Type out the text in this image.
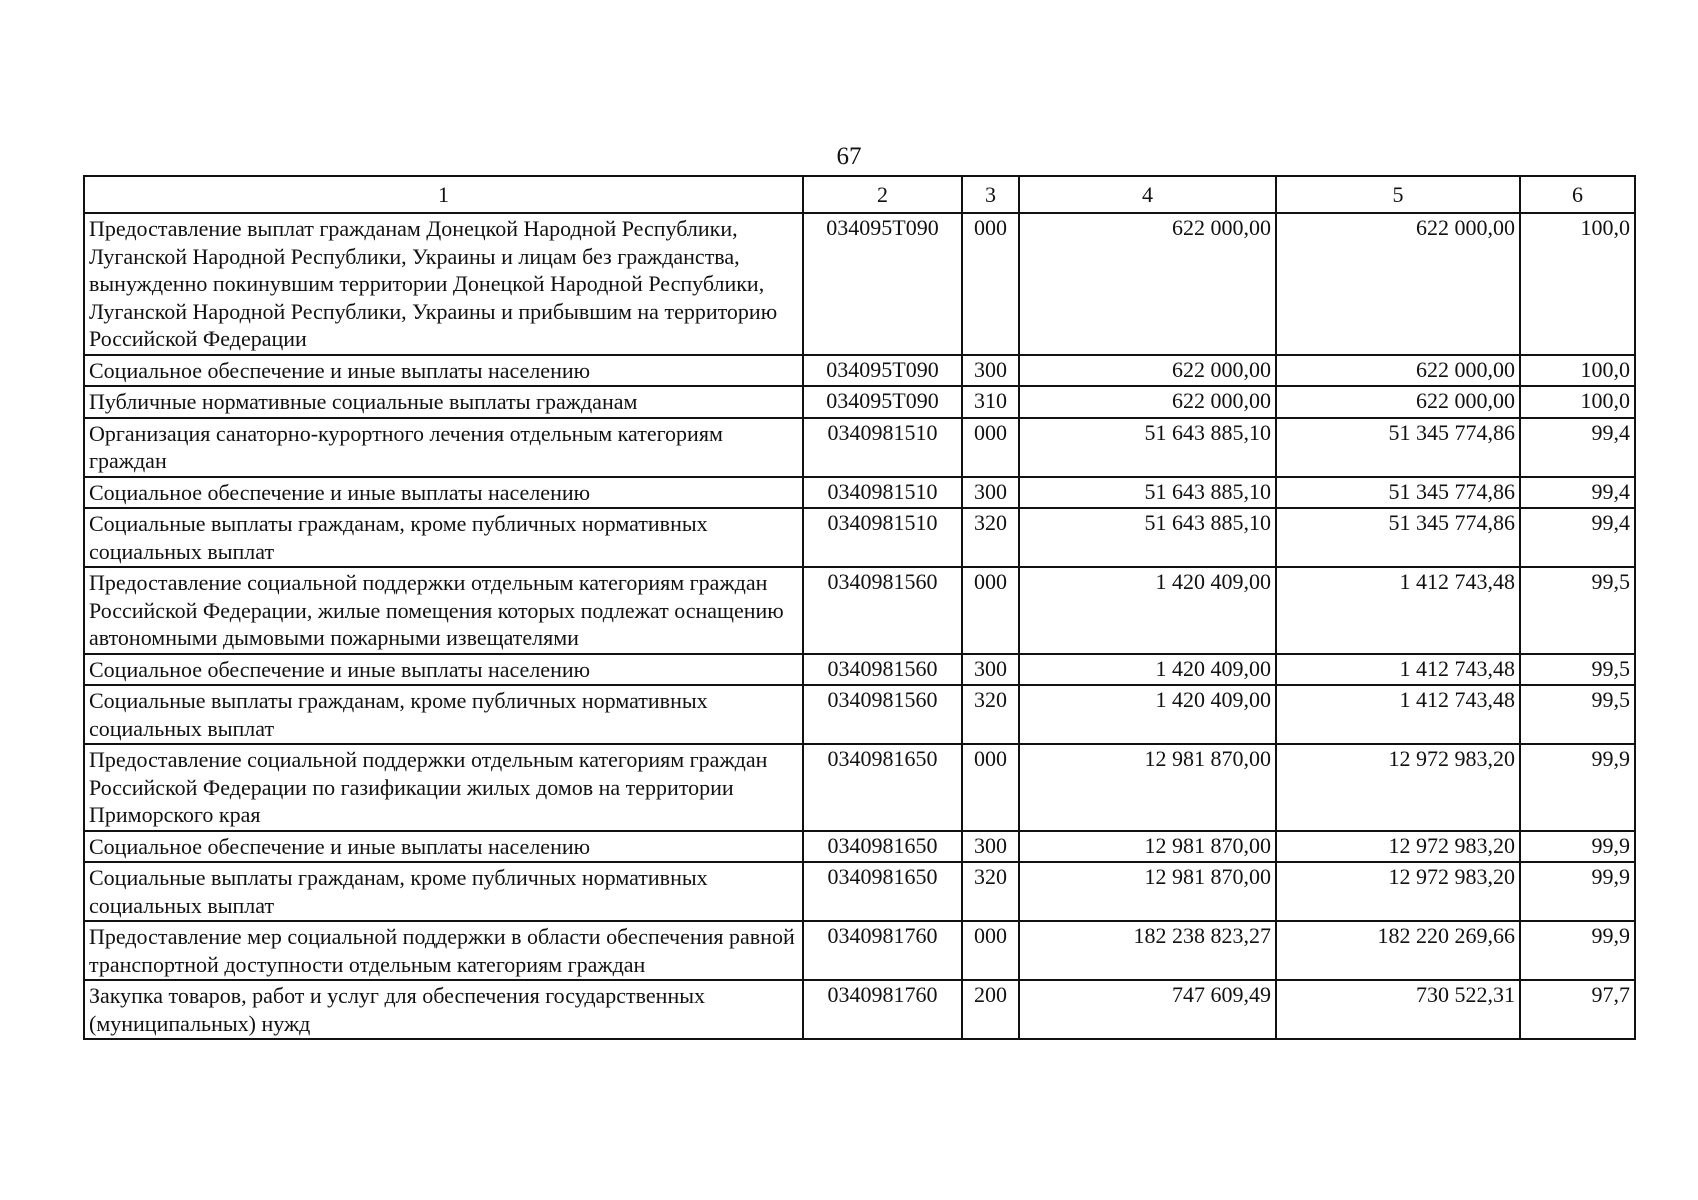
67
1	2	3	4	5	6
Предоставление выплат гражданам Донецкой Народной Республики, Луганской Народной Республики, Украины и лицам без гражданства, вынужденно покинувшим территории Донецкой Народной Республики, Луганской Народной Республики, Украины и прибывшим на территорию Российской Федерации	034095Т090	000	622 000,00	622 000,00	100,0
Социальное обеспечение и иные выплаты населению	034095Т090	300	622 000,00	622 000,00	100,0
Публичные нормативные социальные выплаты гражданам	034095Т090	310	622 000,00	622 000,00	100,0
Организация санаторно-курортного лечения отдельным категориям граждан	0340981510	000	51 643 885,10	51 345 774,86	99,4
Социальное обеспечение и иные выплаты населению	0340981510	300	51 643 885,10	51 345 774,86	99,4
Социальные выплаты гражданам, кроме публичных нормативных социальных выплат	0340981510	320	51 643 885,10	51 345 774,86	99,4
Предоставление социальной поддержки отдельным категориям граждан Российской Федерации, жилые помещения которых подлежат оснащению автономными дымовыми пожарными извещателями	0340981560	000	1 420 409,00	1 412 743,48	99,5
Социальное обеспечение и иные выплаты населению	0340981560	300	1 420 409,00	1 412 743,48	99,5
Социальные выплаты гражданам, кроме публичных нормативных социальных выплат	0340981560	320	1 420 409,00	1 412 743,48	99,5
Предоставление социальной поддержки отдельным категориям граждан Российской Федерации по газификации жилых домов на территории Приморского края	0340981650	000	12 981 870,00	12 972 983,20	99,9
Социальное обеспечение и иные выплаты населению	0340981650	300	12 981 870,00	12 972 983,20	99,9
Социальные выплаты гражданам, кроме публичных нормативных социальных выплат	0340981650	320	12 981 870,00	12 972 983,20	99,9
Предоставление мер социальной поддержки в области обеспечения равной транспортной доступности отдельным категориям граждан	0340981760	000	182 238 823,27	182 220 269,66	99,9
Закупка товаров, работ и услуг для обеспечения государственных (муниципальных) нужд	0340981760	200	747 609,49	730 522,31	97,7
